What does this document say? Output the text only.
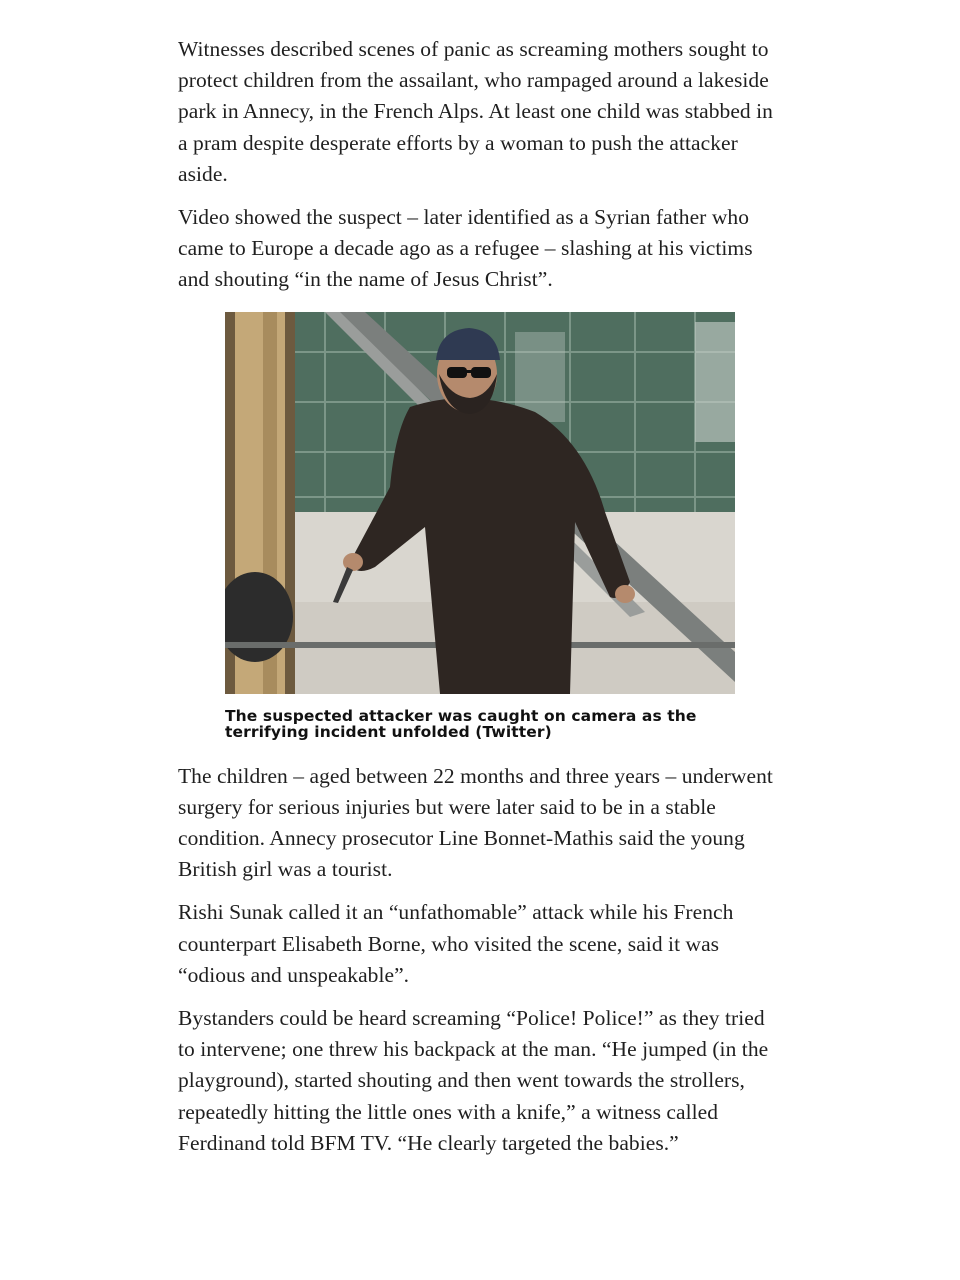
Witnesses described scenes of panic as screaming mothers sought to protect children from the assailant, who rampaged around a lakeside park in Annecy, in the French Alps. At least one child was stabbed in a pram despite desperate efforts by a woman to push the attacker aside.

Video showed the suspect – later identified as a Syrian father who came to Europe a decade ago as a refugee – slashing at his victims and shouting “in the name of Jesus Christ”.

The suspected attacker was caught on camera as the terrifying incident unfolded (Twitter)

The children – aged between 22 months and three years – underwent surgery for serious injuries but were later said to be in a stable condition. Annecy prosecutor Line Bonnet-Mathis said the young British girl was a tourist.

Rishi Sunak called it an “unfathomable” attack while his French counterpart Elisabeth Borne, who visited the scene, said it was “odious and unspeakable”.

Bystanders could be heard screaming “Police! Police!” as they tried to intervene; one threw his backpack at the man. “He jumped (in the playground), started shouting and then went towards the strollers, repeatedly hitting the little ones with a knife,” a witness called Ferdinand told BFM TV. “He clearly targeted the babies.”
